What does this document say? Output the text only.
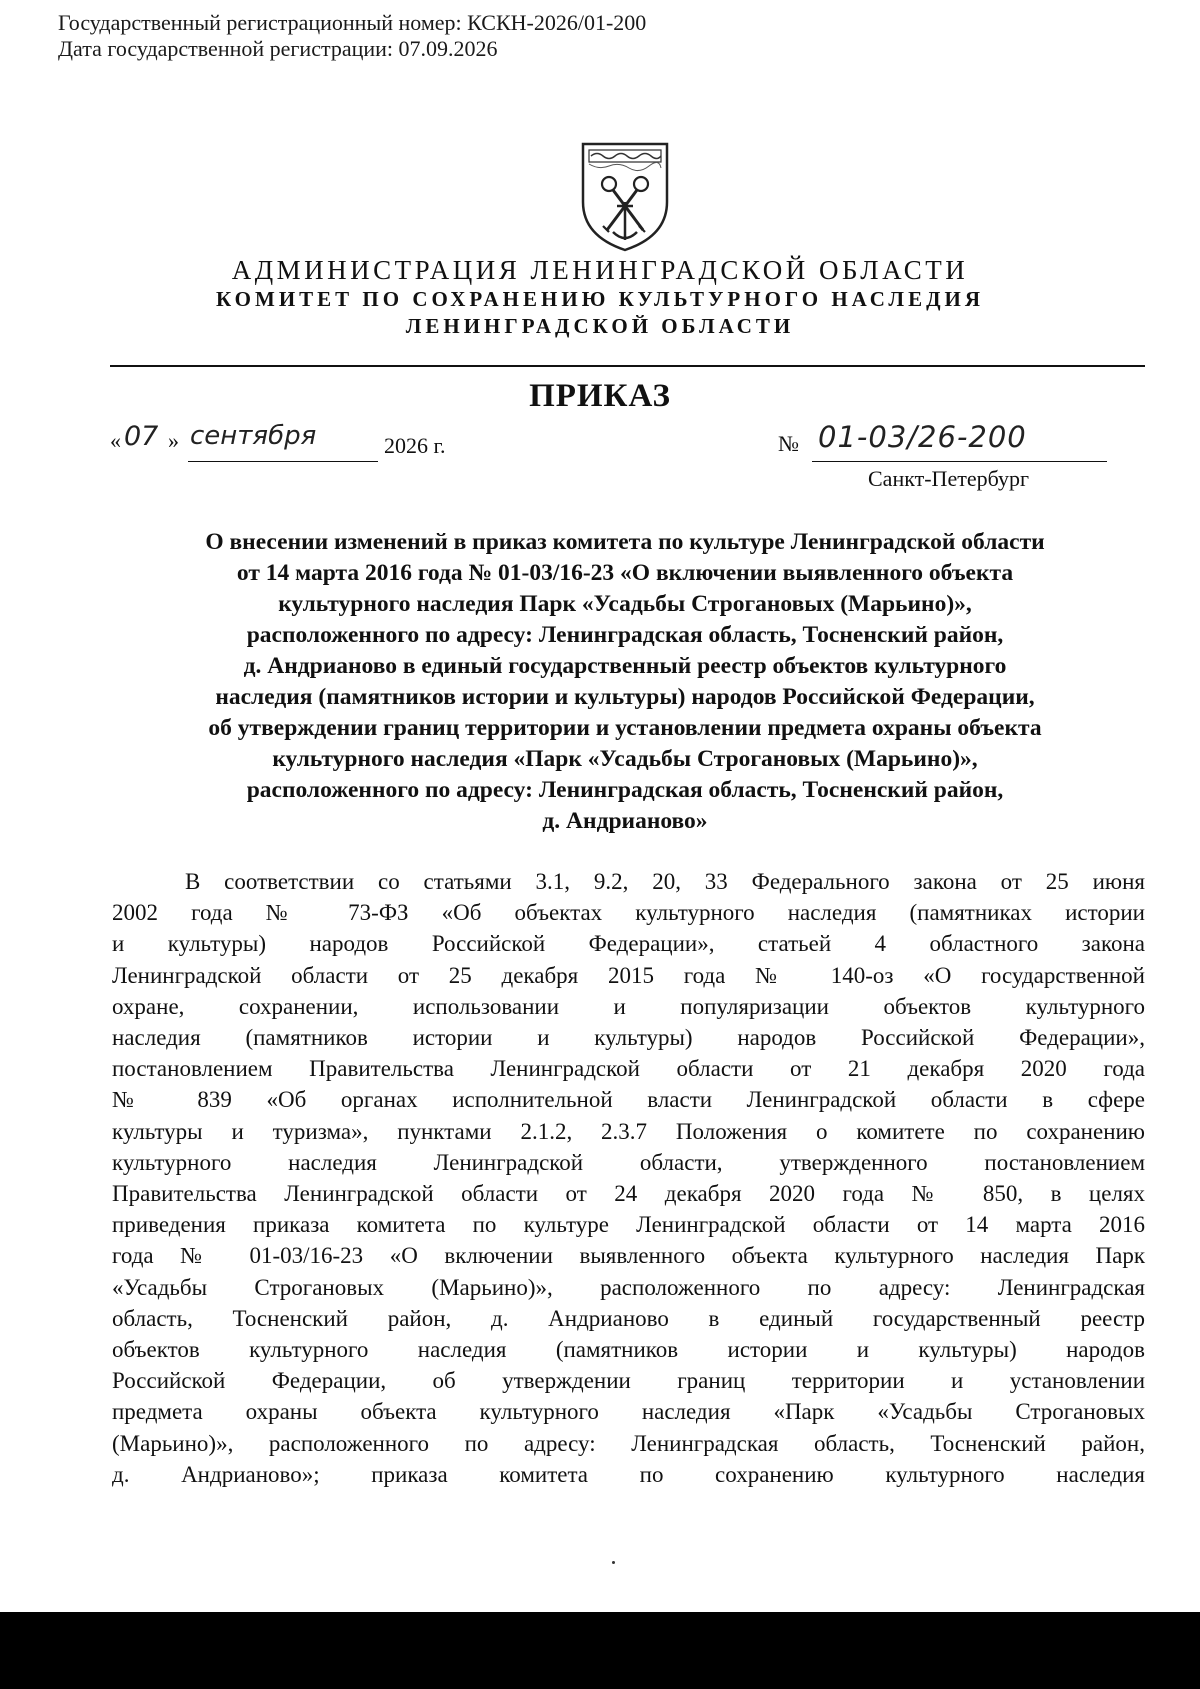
Государственный регистрационный номер: КСКН-2026/01-200
Дата государственной регистрации: 07.09.2026
АДМИНИСТРАЦИЯ ЛЕНИНГРАДСКОЙ ОБЛАСТИ
КОМИТЕТ ПО СОХРАНЕНИЮ КУЛЬТУРНОГО НАСЛЕДИЯ
ЛЕНИНГРАДСКОЙ ОБЛАСТИ
ПРИКАЗ
« 07 » сентября	2026 г.	№ 01-03/26-200
Санкт-Петербург
О внесении изменений в приказ комитета по культуре Ленинградской области
от 14 марта 2016 года № 01-03/16-23 «О включении выявленного объекта
культурного наследия Парк «Усадьбы Строгановых (Марьино)»,
расположенного по адресу: Ленинградская область, Тосненский район,
д. Андрианово в единый государственный реестр объектов культурного
наследия (памятников истории и культуры) народов Российской Федерации,
об утверждении границ территории и установлении предмета охраны объекта
культурного наследия «Парк «Усадьбы Строгановых (Марьино)»,
расположенного по адресу: Ленинградская область, Тосненский район,
д. Андрианово»
В соответствии со статьями 3.1, 9.2, 20, 33 Федерального закона от 25 июня
2002 года № 73-ФЗ «Об объектах культурного наследия (памятниках истории
и культуры) народов Российской Федерации», статьей 4 областного закона
Ленинградской области от 25 декабря 2015 года № 140-оз «О государственной
охране, сохранении, использовании и популяризации объектов культурного
наследия (памятников истории и культуры) народов Российской Федерации»,
постановлением Правительства Ленинградской области от 21 декабря 2020 года
№ 839 «Об органах исполнительной власти Ленинградской области в сфере
культуры и туризма», пунктами 2.1.2, 2.3.7 Положения о комитете по сохранению
культурного наследия Ленинградской области, утвержденного постановлением
Правительства Ленинградской области от 24 декабря 2020 года № 850, в целях
приведения приказа комитета по культуре Ленинградской области от 14 марта 2016
года № 01-03/16-23 «О включении выявленного объекта культурного наследия Парк
«Усадьбы Строгановых (Марьино)», расположенного по адресу: Ленинградская
область, Тосненский район, д. Андрианово в единый государственный реестр
объектов культурного наследия (памятников истории и культуры) народов
Российской Федерации, об утверждении границ территории и установлении
предмета охраны объекта культурного наследия «Парк «Усадьбы Строгановых
(Марьино)», расположенного по адресу: Ленинградская область, Тосненский район,
д. Андрианово»; приказа комитета по сохранению культурного наследия
